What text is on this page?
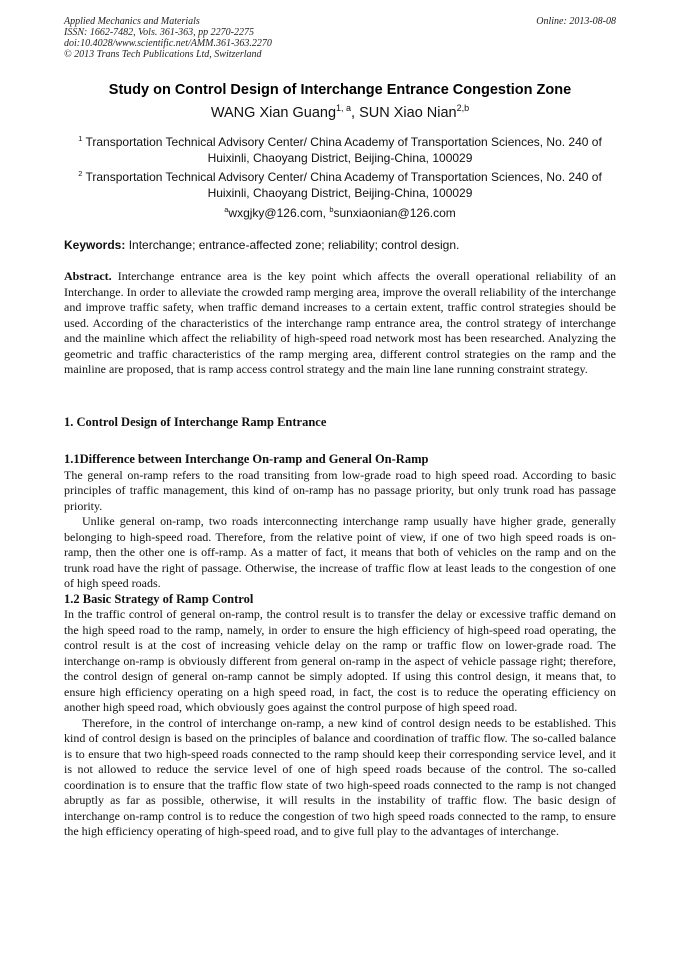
Applied Mechanics and Materials
ISSN: 1662-7482, Vols. 361-363, pp 2270-2275
doi:10.4028/www.scientific.net/AMM.361-363.2270
© 2013 Trans Tech Publications Ltd, Switzerland
Online: 2013-08-08
Study on Control Design of Interchange Entrance Congestion Zone
WANG Xian Guang$^{1, a}$, SUN Xiao Nian$^{2,b}$
$^1$ Transportation Technical Advisory Center/ China Academy of Transportation Sciences, No. 240 of Huixinli, Chaoyang District, Beijing-China, 100029
$^2$ Transportation Technical Advisory Center/ China Academy of Transportation Sciences, No. 240 of Huixinli, Chaoyang District, Beijing-China, 100029
$^a$wxgjky@126.com, $^b$sunxiaonian@126.com
Keywords: Interchange; entrance-affected zone; reliability; control design.

Abstract. Interchange entrance area is the key point which affects the overall operational reliability of an Interchange. In order to alleviate the crowded ramp merging area, improve the overall reliability of the interchange and improve traffic safety, when traffic demand increases to a certain extent, traffic control strategies should be used. According of the characteristics of the interchange ramp entrance area, the control strategy of interchange and the mainline which affect the reliability of high-speed road network most has been researched. Analyzing the geometric and traffic characteristics of the ramp merging area, different control strategies on the ramp and the mainline are proposed, that is ramp access control strategy and the main line lane running constraint strategy.

1. Control Design of Interchange Ramp Entrance
1.1Difference between Interchange On-ramp and General On-Ramp

The general on-ramp refers to the road transiting from low-grade road to high speed road. According to basic principles of traffic management, this kind of on-ramp has no passage priority, but only trunk road has passage priority.

Unlike general on-ramp, two roads interconnecting interchange ramp usually have higher grade, generally belonging to high-speed road. Therefore, from the relative point of view, if one of two high speed roads is on-ramp, then the other one is off-ramp. As a matter of fact, it means that both of vehicles on the ramp and on the trunk road have the right of passage. Otherwise, the increase of traffic flow at least leads to the congestion of one of high speed roads.

1.2 Basic Strategy of Ramp Control

In the traffic control of general on-ramp, the control result is to transfer the delay or excessive traffic demand on the high speed road to the ramp, namely, in order to ensure the high efficiency of high-speed road operating, the control result is at the cost of increasing vehicle delay on the ramp or traffic flow on lower-grade road. The interchange on-ramp is obviously different from general on-ramp in the aspect of vehicle passage right; therefore, the control design of general on-ramp cannot be simply adopted. If using this control design, it means that, to ensure high efficiency operating on a high speed road, in fact, the cost is to reduce the operating efficiency on another high speed road, which obviously goes against the control purpose of high speed road.

Therefore, in the control of interchange on-ramp, a new kind of control design needs to be established. This kind of control design is based on the principles of balance and coordination of traffic flow. The so-called balance is to ensure that two high-speed roads connected to the ramp should keep their corresponding service level, and it is not allowed to reduce the service level of one of high speed roads because of the control. The so-called coordination is to ensure that the traffic flow state of two high-speed roads connected to the ramp is not changed abruptly as far as possible, otherwise, it will results in the instability of traffic flow. The basic design of interchange on-ramp control is to reduce the congestion of two high speed roads connected to the ramp, to ensure the high efficiency operating of high-speed road, and to give full play to the advantages of interchange.
